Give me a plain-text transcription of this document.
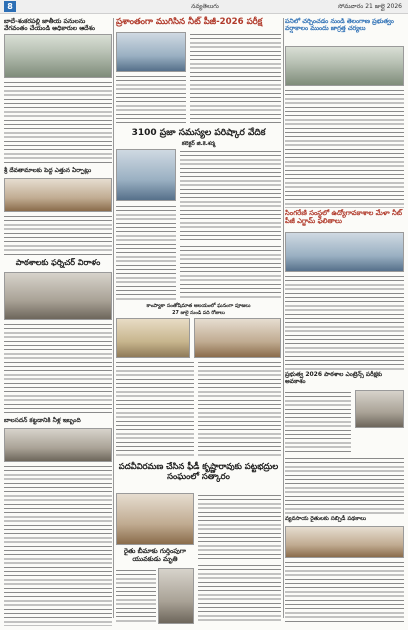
8	నవ్యతెలుగు	సోమవారం 21 జుల్లై 2026
బాదే-శంకరపల్లి జాతీయ పనులను
వేగవంతం చేయండి అధికారుల ఆదేశం
శ్రీ దేవతామాలకు పెద్ద ఎత్తున ఏర్పాట్లు
పాఠశాలకు ఫర్నిచర్ విరాళం
బాలసదన్ కట్టడానికి నీళ్ల ఇబ్బంది
ప్రశాంతంగా ముగిసిన నీట్ పీజీ-2026 పరీక్ష
3100 ప్రజా సమస్యల పరిష్కార వేదిక
కలెక్టర్ జి.కె.శర్మ
కాంప్యాకా సంతోషిమాత ఆలయంలో ఘనంగా పూజలు
27 జులై నుండి పది రోజులు
పదవీవిరమణ చేసిన ఫీడీ కృష్ణారావుకు పట్టభద్రుల సంఘంలో సత్కారం
రైతు బీమాకు గుర్తింపుగా యువకుడు మృతి
పనిలో చర్చించడం నుండి తెలంగాణ ప్రభుత్వం వర్షాకాలం ముందు జాగ్రత్త చర్యలు
సింగరేణి సంస్థలో ఉద్యోగావకాశాల మేళా నీట్ పీజీ ఎగ్జామ్ ఫలితాలు
ప్రభుత్వ 2026 పాఠశాల ఎంట్రెన్స్ పరీక్షకు అవకాశం
వ్యవసాయ రైతులకు సబ్సిడీ పథకాలు
